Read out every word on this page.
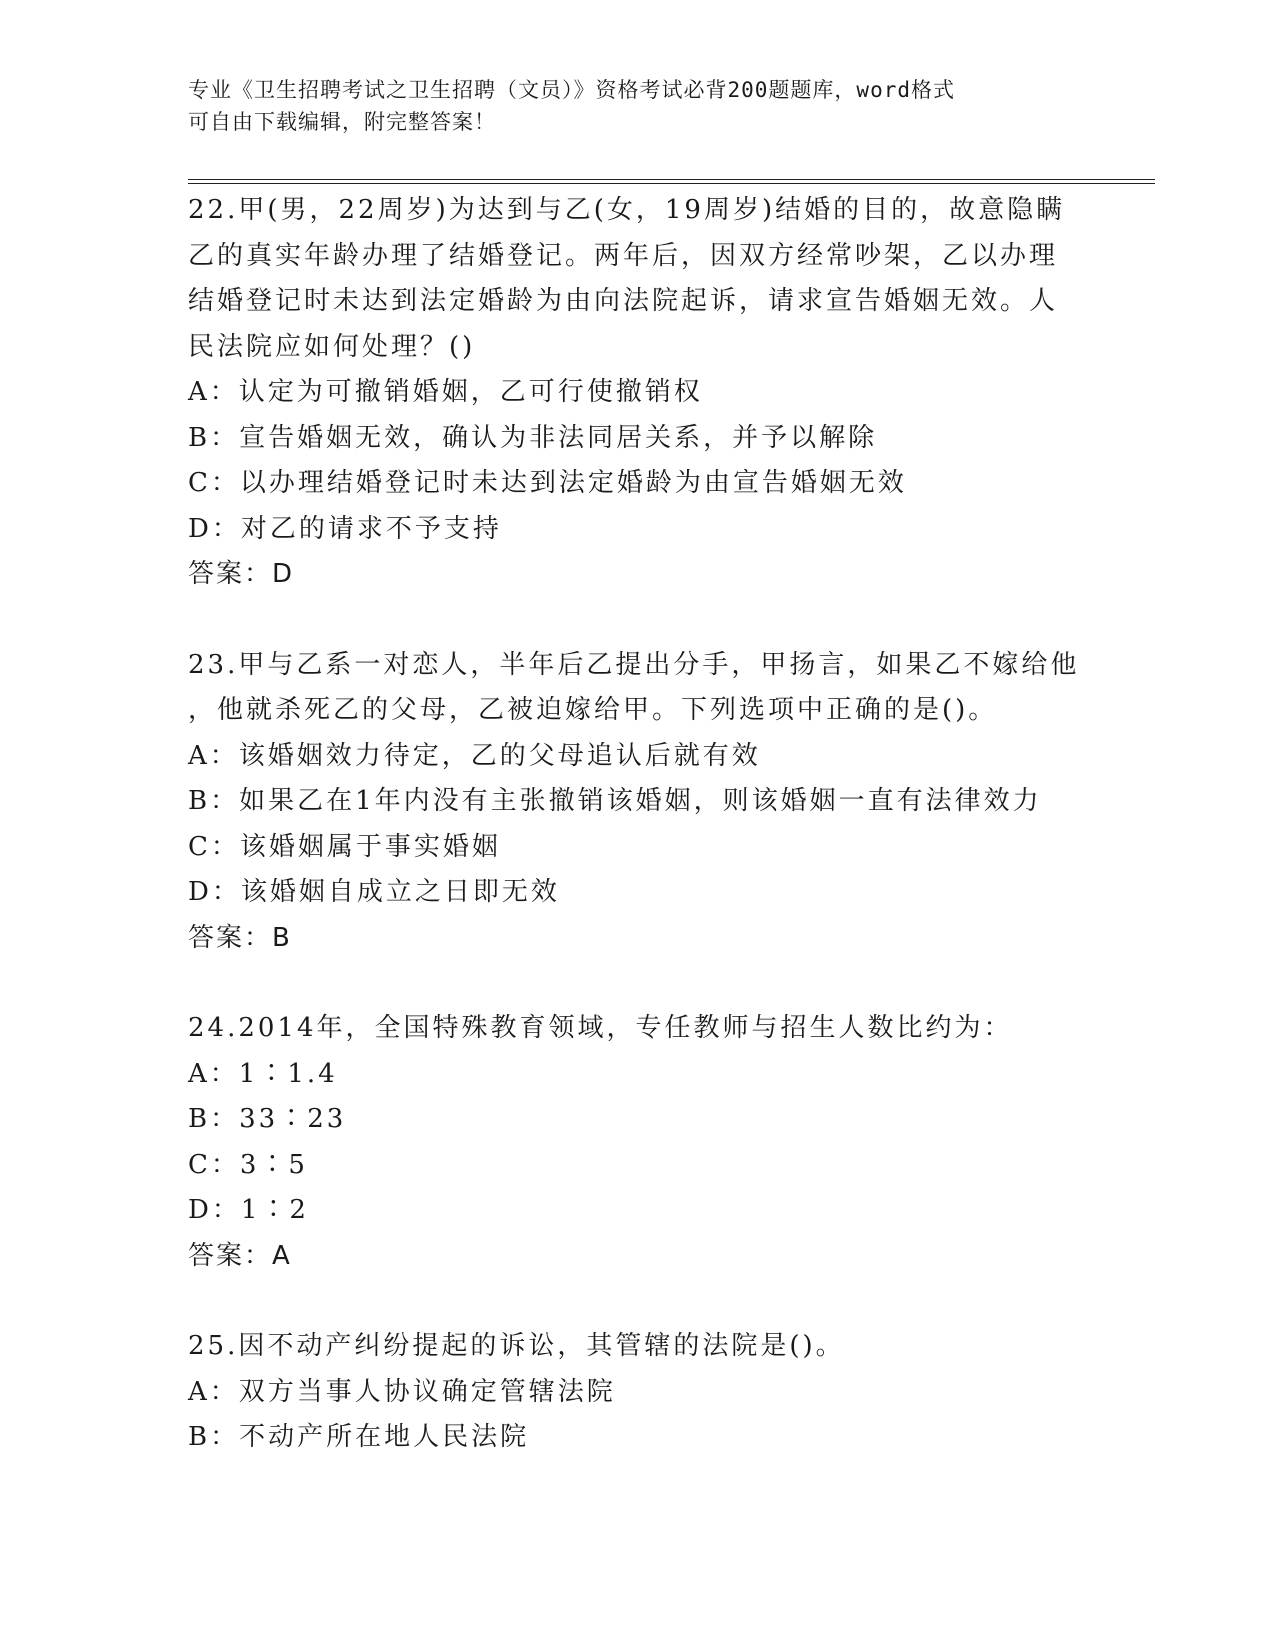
专业《卫生招聘考试之卫生招聘（文员）》资格考试必背200题题库，word格式
可自由下载编辑，附完整答案！
22.甲(男，22周岁)为达到与乙(女，19周岁)结婚的目的，故意隐瞒
乙的真实年龄办理了结婚登记。两年后，因双方经常吵架，乙以办理
结婚登记时未达到法定婚龄为由向法院起诉，请求宣告婚姻无效。人
民法院应如何处理？()
A：认定为可撤销婚姻，乙可行使撤销权
B：宣告婚姻无效，确认为非法同居关系，并予以解除
C：以办理结婚登记时未达到法定婚龄为由宣告婚姻无效
D：对乙的请求不予支持
答案：D
23.甲与乙系一对恋人，半年后乙提出分手，甲扬言，如果乙不嫁给他
，他就杀死乙的父母，乙被迫嫁给甲。下列选项中正确的是()。
A：该婚姻效力待定，乙的父母追认后就有效
B：如果乙在1年内没有主张撤销该婚姻，则该婚姻一直有法律效力
C：该婚姻属于事实婚姻
D：该婚姻自成立之日即无效
答案：B
24.2014年，全国特殊教育领域，专任教师与招生人数比约为：
A：1∶1.4
B：33∶23
C：3∶5
D：1∶2
答案：A
25.因不动产纠纷提起的诉讼，其管辖的法院是()。
A：双方当事人协议确定管辖法院
B：不动产所在地人民法院
